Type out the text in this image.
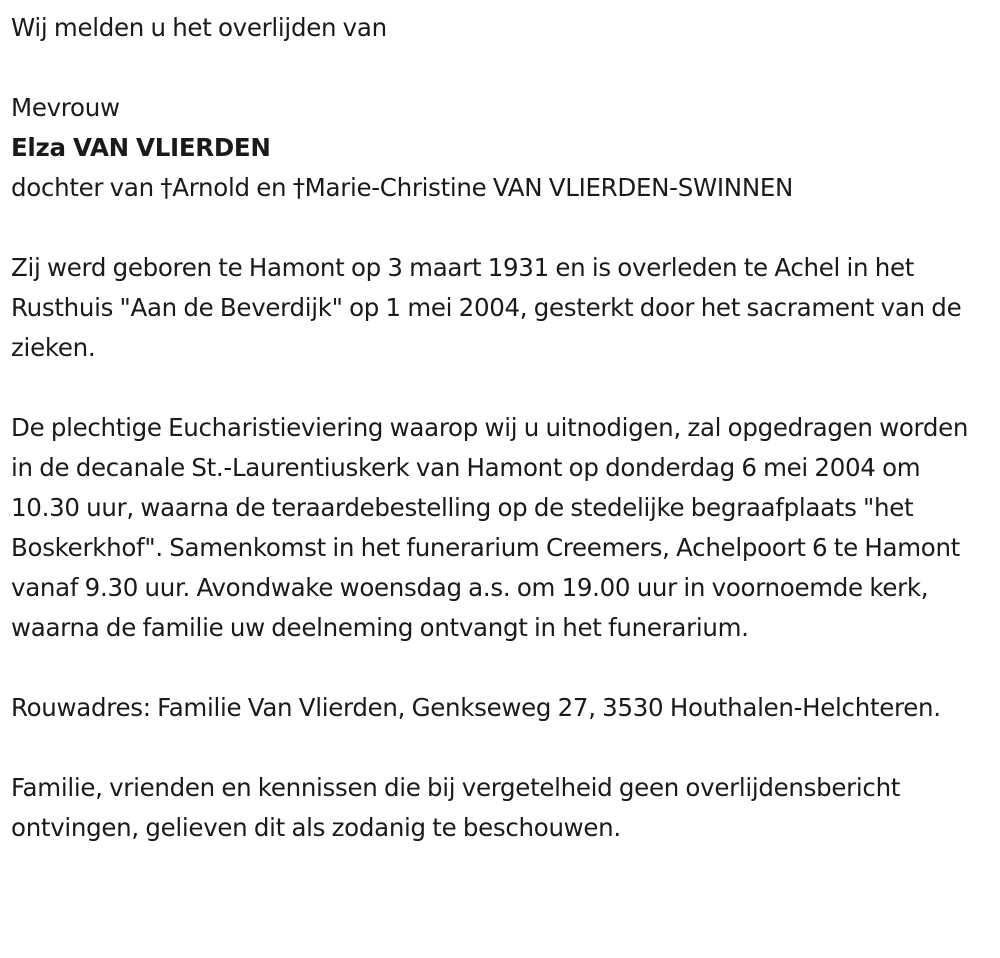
Wij melden u het overlijden van
Mevrouw
Elza VAN VLIERDEN
dochter van †Arnold en †Marie-Christine VAN VLIERDEN-SWINNEN
Zij werd geboren te Hamont op 3 maart 1931 en is overleden te Achel in het Rusthuis "Aan de Beverdijk" op 1 mei 2004, gesterkt door het sacrament van de zieken.
De plechtige Eucharistieviering waarop wij u uitnodigen, zal opgedragen worden in de decanale St.-Laurentiuskerk van Hamont op donderdag 6 mei 2004 om 10.30 uur, waarna de teraardebestelling op de stedelijke begraafplaats "het Boskerkhof". Samenkomst in het funerarium Creemers, Achelpoort 6 te Hamont vanaf 9.30 uur. Avondwake woensdag a.s. om 19.00 uur in voornoemde kerk, waarna de familie uw deelneming ontvangt in het funerarium.
Rouwadres: Familie Van Vlierden, Genkseweg 27, 3530 Houthalen-Helchteren.
Familie, vrienden en kennissen die bij vergetelheid geen overlijdensbericht ontvingen, gelieven dit als zodanig te beschouwen.
